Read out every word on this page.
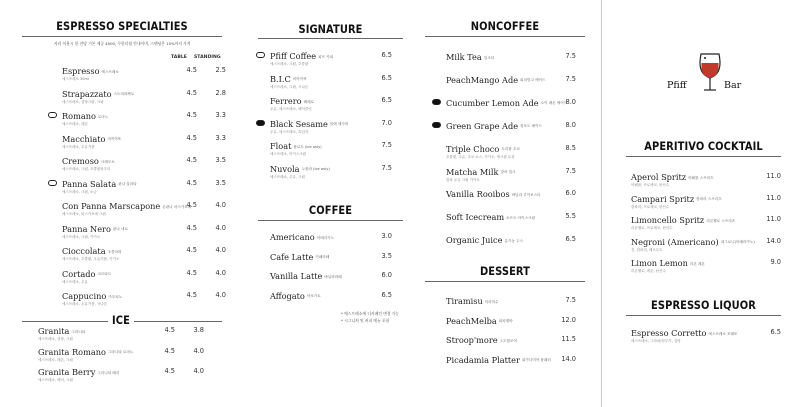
ESPRESSO SPECIALTIES
자리 이용시 한 잔당 기본 제공 4500, 무한리필 안내이며, 스탠딩은 10%까지 가격
TABLE STANDING
Espresso 에스프레소
에스프레소 30ml
4.5	2.5
Strapazzato 스트라파짜토
에스프레소, 설탕크림, 크림
4.5	2.8
Romano 로마노
에스프레소, 레몬
4.5	3.3
Macchiato 마끼아또
에스프레소, 우유거품
4.5	3.3
Cremoso 크레모소
에스프레소, 크림, 초콜릿파우더
4.5	3.5
Panna Salata 판나 살라타
에스프레소, 크림, 소금
4.5	3.5
Con Panna Marscapone 콘판나 마스카포네
에스프레소, 마스카포네 크림
4.5	4.0
Panna Nero 판나 네로
에스프레소, 크림, 카카오
4.5	4.0
Cioccolata 초콜라따
에스프레소, 초콜릿, 우유거품, 카카오
4.5	4.0
Cortado 코르타도
에스프레소, 우유
4.5	4.0
Cappucino 카푸치노
에스프레소, 우유거품, 시나몬
4.5	4.0
ICE
Granita 그라니타
에스프레소, 설탕, 크림
4.5	3.8
Granita Romano 그라니타 로마노
에스프레소, 레몬, 크림
4.5	4.0
Granita Berry 그라니타 베리
에스프레소, 베리, 크림
4.5	4.0
SIGNATURE
Pfiff Coffee 피프 커피
에스프레소, 크림, 초콜릿
6.5
B.I.C 비아이씨
에스프레소, 크림, 시나몬
6.5
Ferrero 페레로
우유, 에스프레소, 헤이즐넛
6.5
Black Sesame 블랙 세사미
우유, 에스프레소, 흑임자
7.0
Float 플로트 (ice only)
에스프레소, 아이스크림
7.5
Nuvola 누볼라 (ice only)
에스프레소, 우유, 크림
7.5
COFFEE
Americano 아메리카노	3.0
Cafe Latte 카페라떼	3.5
Vanilla Latte 바닐라라떼	6.0
Affogato 아포가토	6.5
* 에스프레소에 디카페인 변경 가능
* 시그니처 및 커피 메뉴 포함
NONCOFFEE
Milk Tea 밀크티	7.5
PeachMango Ade 피치망고 에이드	7.5
Cucumber Lemon Ade 오이 레몬 에이드
8.0
Green Grape Ade 청포도 에이드	8.0
Triple Choco 트리플 초코
초콜릿, 우유, 초코 소스, 카카오, 생크림 토핑
8.5
Matcha Milk 말차 밀크
말차 우유 크림 카카오
7.5
Vanilla Rooibos 바닐라 루이보스티	6.0
Soft Icecream 소프트 아이스크림	5.5
Organic Juice 유기농 주스	6.5
DESSERT
Tiramisu 티라미수	7.5
PeachMelba 피치멜바	12.0
Stroop'more 스트룹모어	11.5
Picadamia Platter 피카다미아 플래터	14.0
Pfiff	Bar
APERITIVO COCKTAIL
Aperol Spritz 아페롤 스프리츠
아페롤, 프로세코, 탄산수
11.0
Campari Spritz 캄파리 스프리츠
캄파리, 프로세코, 탄산수
11.0
Limoncello Spritz 리몬첼로 스프리츠
리몬첼로, 프로세코, 탄산수
11.0
Negroni (Americano) 네그로니(아메리카노)
진, 캄파리, 베르무트
14.0
Limon Lemon 리몬 레몬
리몬첼로, 레몬, 탄산수
9.0
ESPRESSO LIQUOR
Espresso Corretto 에스프레소 꼬레또
에스프레소, 그라파/삼부카, 설탕
6.5
